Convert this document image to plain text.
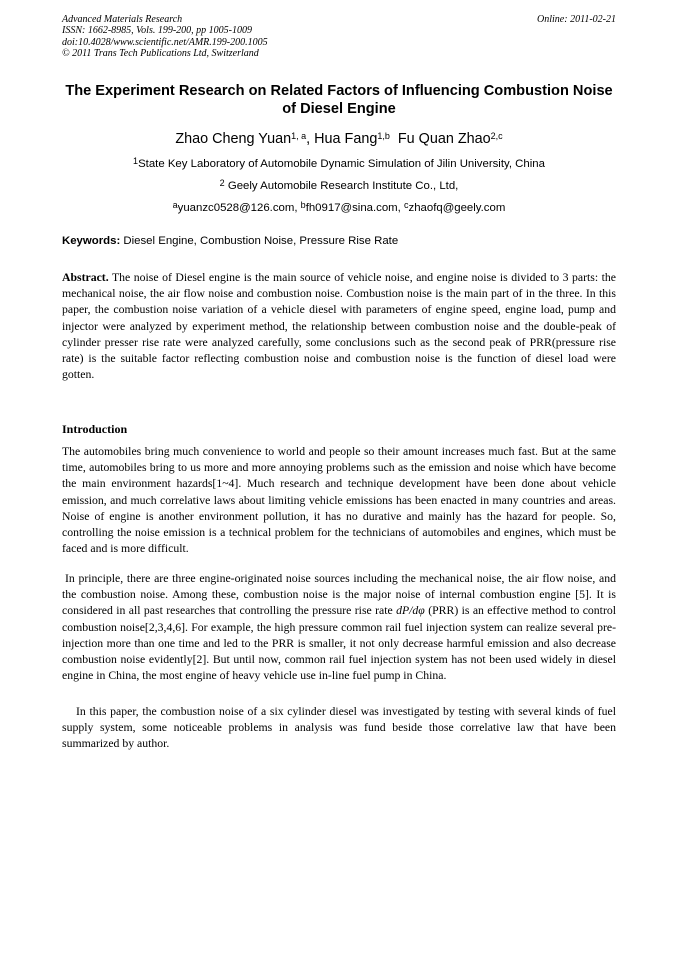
Advanced Materials Research	Online: 2011-02-21
ISSN: 1662-8985, Vols. 199-200, pp 1005-1009
doi:10.4028/www.scientific.net/AMR.199-200.1005
© 2011 Trans Tech Publications Ltd, Switzerland
The Experiment Research on Related Factors of Influencing Combustion Noise of Diesel Engine
Zhao Cheng Yuan$^{1, a}$, Hua Fang$^{1,b}$ Fu Quan Zhao$^{2,c}$
$^1$State Key Laboratory of Automobile Dynamic Simulation of Jilin University, China
$^2$ Geely Automobile Research Institute Co., Ltd,
$^a$yuanzc0528@126.com, $^b$fh0917@sina.com, $^c$zhaofq@geely.com
Keywords: Diesel Engine, Combustion Noise, Pressure Rise Rate
Abstract. The noise of Diesel engine is the main source of vehicle noise, and engine noise is divided to 3 parts: the mechanical noise, the air flow noise and combustion noise. Combustion noise is the main part of in the three. In this paper, the combustion noise variation of a vehicle diesel with parameters of engine speed, engine load, pump and injector were analyzed by experiment method, the relationship between combustion noise and the double-peak of cylinder presser rise rate were analyzed carefully, some conclusions such as the second peak of PRR(pressure rise rate) is the suitable factor reflecting combustion noise and combustion noise is the function of diesel load were gotten.
Introduction
The automobiles bring much convenience to world and people so their amount increases much fast. But at the same time, automobiles bring to us more and more annoying problems such as the emission and noise which have become the main environment hazards[1~4]. Much research and technique development have been done about vehicle emission, and much correlative laws about limiting vehicle emissions has been enacted in many countries and areas. Noise of engine is another environment pollution, it has no durative and mainly has the hazard for people. So, controlling the noise emission is a technical problem for the technicians of automobiles and engines, which must be faced and is more difficult.
In principle, there are three engine-originated noise sources including the mechanical noise, the air flow noise, and the combustion noise. Among these, combustion noise is the major noise of internal combustion engine [5]. It is considered in all past researches that controlling the pressure rise rate dP/dφ (PRR) is an effective method to control combustion noise[2,3,4,6]. For example, the high pressure common rail fuel injection system can realize several pre-injection more than one time and led to the PRR is smaller, it not only decrease harmful emission and also decrease combustion noise evidently[2]. But until now, common rail fuel injection system has not been used widely in diesel engine in China, the most engine of heavy vehicle use in-line fuel pump in China.
In this paper, the combustion noise of a six cylinder diesel was investigated by testing with several kinds of fuel supply system, some noticeable problems in analysis was fund beside those correlative law that have been summarized by author.
